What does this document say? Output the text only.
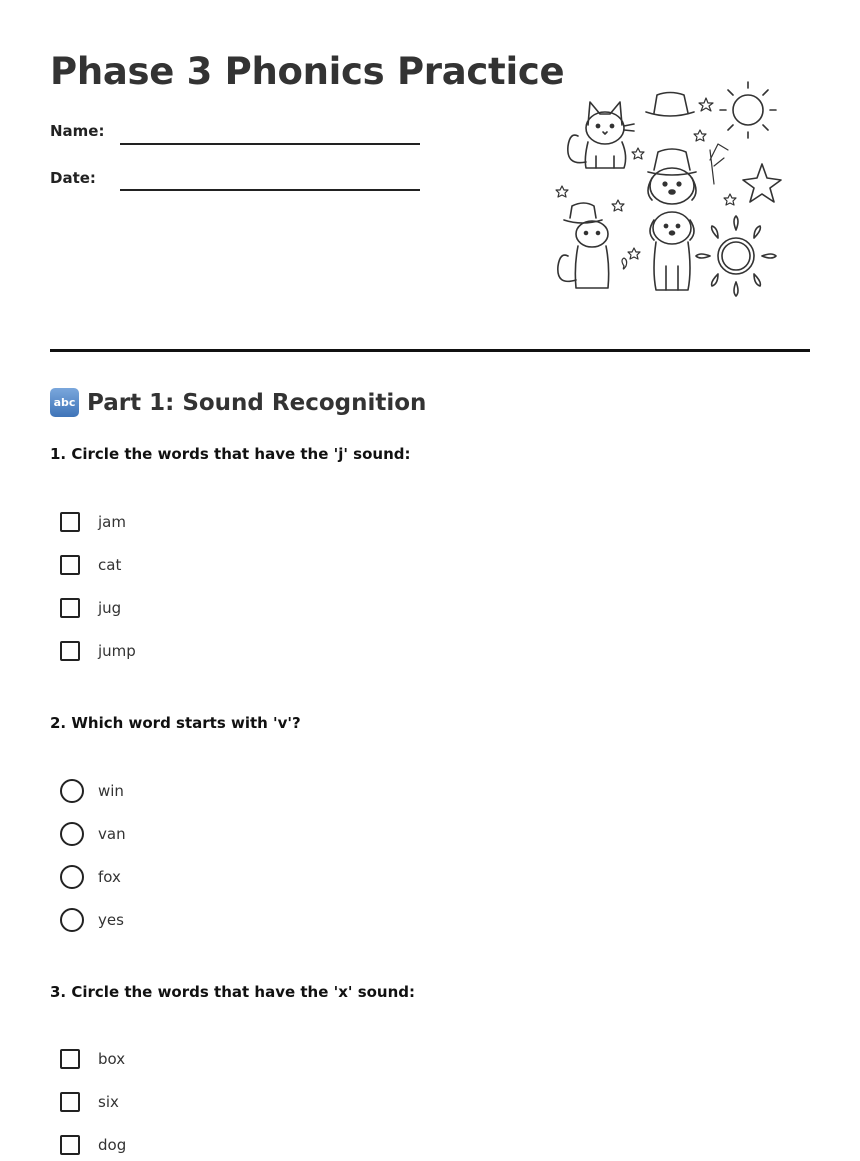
Phase 3 Phonics Practice
Name:
Date:
abc Part 1: Sound Recognition
1. Circle the words that have the 'j' sound:
jam
cat
jug
jump
2. Which word starts with 'v'?
win
van
fox
yes
3. Circle the words that have the 'x' sound:
box
six
dog
